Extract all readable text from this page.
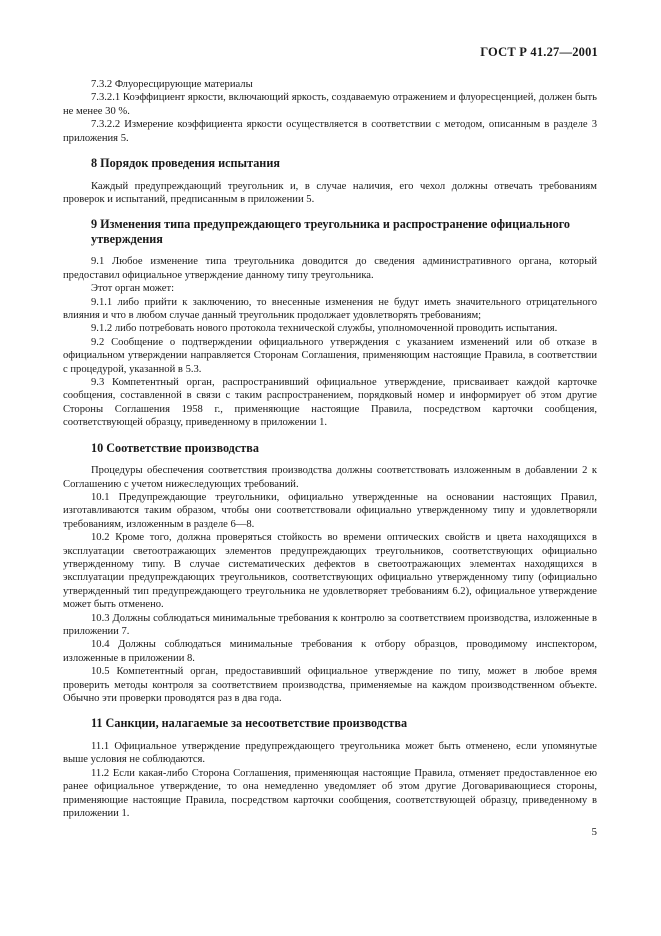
ГОСТ Р 41.27—2001

7.3.2 Флуоресцирующие материалы

7.3.2.1 Коэффициент яркости, включающий яркость, создаваемую отражением и флуоресценцией, должен быть не менее 30 %.

7.3.2.2 Измерение коэффициента яркости осуществляется в соответствии с методом, описанным в разделе 3 приложения 5.

8 Порядок проведения испытания

Каждый предупреждающий треугольник и, в случае наличия, его чехол должны отвечать требованиям проверок и испытаний, предписанным в приложении 5.

9 Изменения типа предупреждающего треугольника и распространение официального утверждения

9.1 Любое изменение типа треугольника доводится до сведения административного органа, который предоставил официальное утверждение данному типу треугольника.

Этот орган может:

9.1.1 либо прийти к заключению, то внесенные изменения не будут иметь значительного отрицательного влияния и что в любом случае данный треугольник продолжает удовлетворять требованиям;

9.1.2 либо потребовать нового протокола технической службы, уполномоченной проводить испытания.

9.2 Сообщение о подтверждении официального утверждения с указанием изменений или об отказе в официальном утверждении направляется Сторонам Соглашения, применяющим настоящие Правила, в соответствии с процедурой, указанной в 5.3.

9.3 Компетентный орган, распространивший официальное утверждение, присваивает каждой карточке сообщения, составленной в связи с таким распространением, порядковый номер и информирует об этом другие Стороны Соглашения 1958 г., применяющие настоящие Правила, посредством карточки сообщения, соответствующей образцу, приведенному в приложении 1.

10 Соответствие производства

Процедуры обеспечения соответствия производства должны соответствовать изложенным в добавлении 2 к Соглашению с учетом нижеследующих требований.

10.1 Предупреждающие треугольники, официально утвержденные на основании настоящих Правил, изготавливаются таким образом, чтобы они соответствовали официально утвержденному типу и удовлетворяли требованиям, изложенным в разделе 6—8.

10.2 Кроме того, должна проверяться стойкость во времени оптических свойств и цвета находящихся в эксплуатации светоотражающих элементов предупреждающих треугольников, соответствующих официально утвержденному типу. В случае систематических дефектов в светоотражающих элементах находящихся в эксплуатации предупреждающих треугольников, соответствующих официально утвержденному типу (официально утвержденный тип предупреждающего треугольника не удовлетворяет требованиям 6.2), официальное утверждение может быть отменено.

10.3 Должны соблюдаться минимальные требования к контролю за соответствием производства, изложенные в приложении 7.

10.4 Должны соблюдаться минимальные требования к отбору образцов, проводимому инспектором, изложенные в приложении 8.

10.5 Компетентный орган, предоставивший официальное утверждение по типу, может в любое время проверить методы контроля за соответствием производства, применяемые на каждом производственном объекте. Обычно эти проверки проводятся раз в два года.

11 Санкции, налагаемые за несоответствие производства

11.1 Официальное утверждение предупреждающего треугольника может быть отменено, если упомянутые выше условия не соблюдаются.

11.2 Если какая-либо Сторона Соглашения, применяющая настоящие Правила, отменяет предоставленное ею ранее официальное утверждение, то она немедленно уведомляет об этом другие Договаривающиеся стороны, применяющие настоящие Правила, посредством карточки сообщения, соответствующей образцу, приведенному в приложении 1.

5
